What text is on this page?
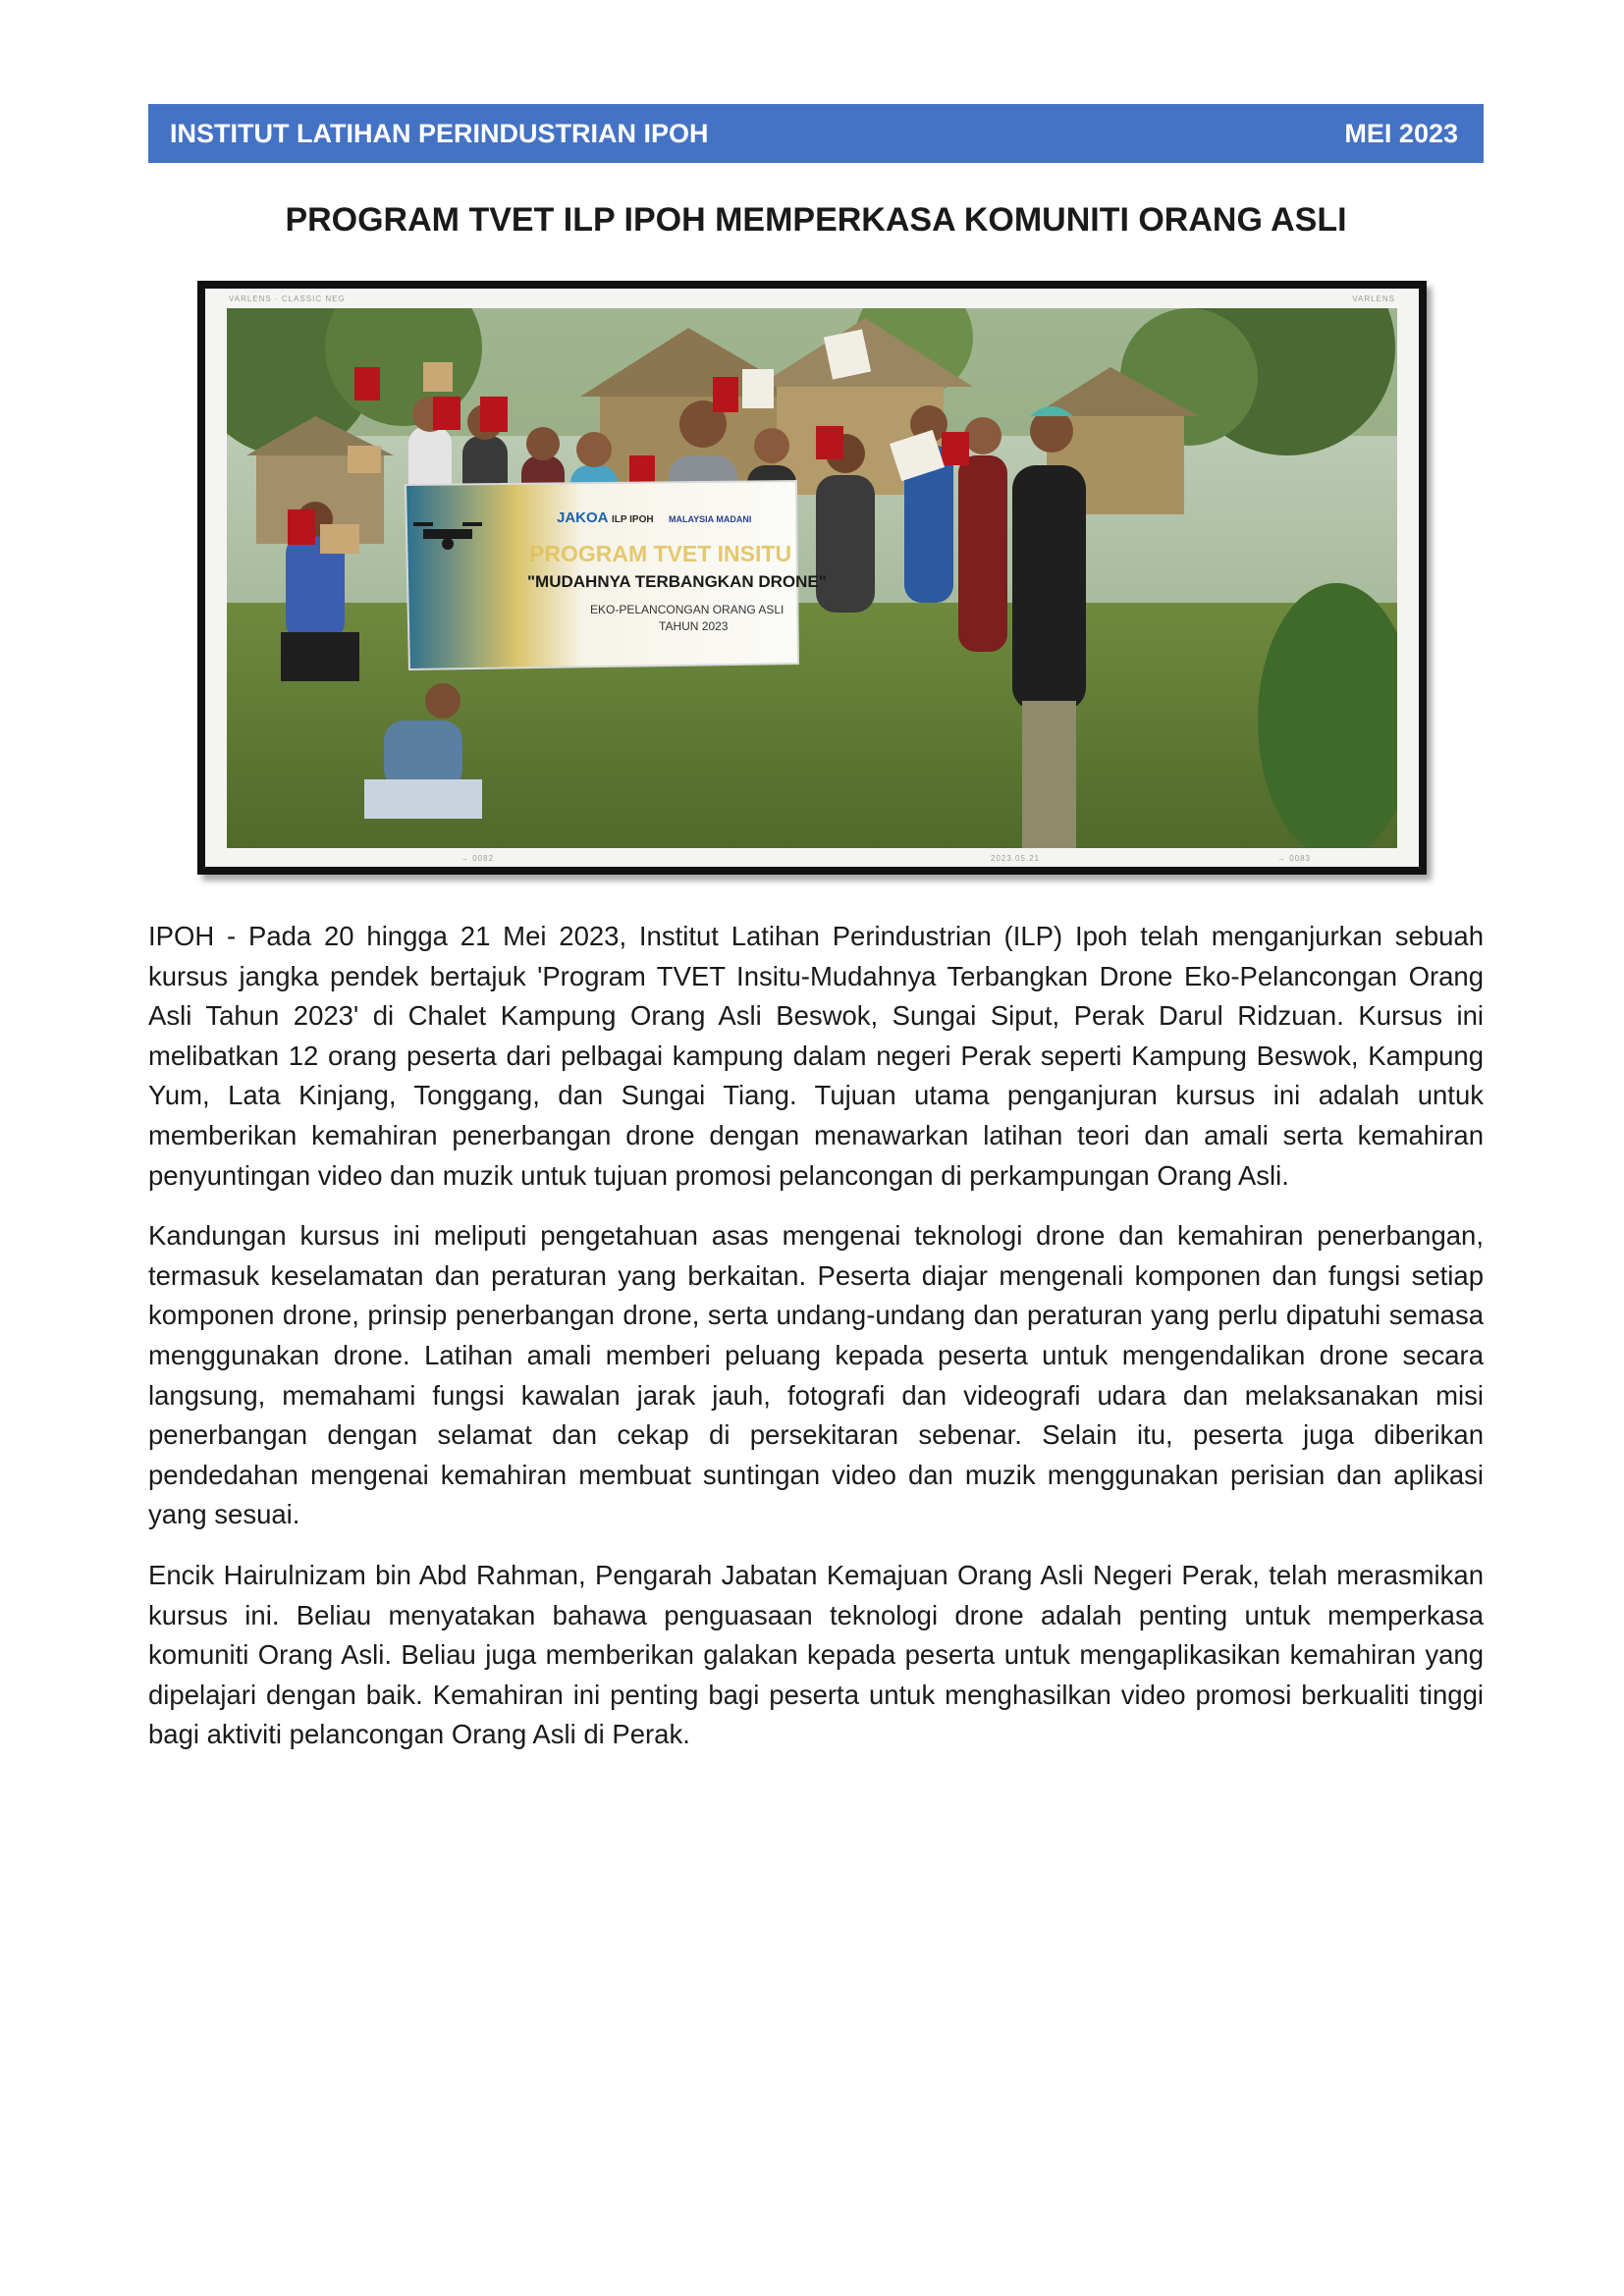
INSTITUT LATIHAN PERINDUSTRIAN IPOH	MEI 2023
PROGRAM TVET ILP IPOH MEMPERKASA KOMUNITI ORANG ASLI
VARLENS · CLASSIC NEG	VARLENS
JAKOA ILP IPOH MALAYSIA MADANI
PROGRAM TVET INSITU
"MUDAHNYA TERBANGKAN DRONE"
EKO-PELANCONGAN ORANG ASLI
TAHUN 2023
→ 0082	2023.05.21	→ 0083

IPOH - Pada 20 hingga 21 Mei 2023, Institut Latihan Perindustrian (ILP) Ipoh telah menganjurkan sebuah kursus jangka pendek bertajuk 'Program TVET Insitu-Mudahnya Terbangkan Drone Eko-Pelancongan Orang Asli Tahun 2023' di Chalet Kampung Orang Asli Beswok, Sungai Siput, Perak Darul Ridzuan. Kursus ini melibatkan 12 orang peserta dari pelbagai kampung dalam negeri Perak seperti Kampung Beswok, Kampung Yum, Lata Kinjang, Tonggang, dan Sungai Tiang. Tujuan utama penganjuran kursus ini adalah untuk memberikan kemahiran penerbangan drone dengan menawarkan latihan teori dan amali serta kemahiran penyuntingan video dan muzik untuk tujuan promosi pelancongan di perkampungan Orang Asli.

Kandungan kursus ini meliputi pengetahuan asas mengenai teknologi drone dan kemahiran penerbangan, termasuk keselamatan dan peraturan yang berkaitan. Peserta diajar mengenali komponen dan fungsi setiap komponen drone, prinsip penerbangan drone, serta undang-undang dan peraturan yang perlu dipatuhi semasa menggunakan drone. Latihan amali memberi peluang kepada peserta untuk mengendalikan drone secara langsung, memahami fungsi kawalan jarak jauh, fotografi dan videografi udara dan melaksanakan misi penerbangan dengan selamat dan cekap di persekitaran sebenar. Selain itu, peserta juga diberikan pendedahan mengenai kemahiran membuat suntingan video dan muzik menggunakan perisian dan aplikasi yang sesuai.

Encik Hairulnizam bin Abd Rahman, Pengarah Jabatan Kemajuan Orang Asli Negeri Perak, telah merasmikan kursus ini. Beliau menyatakan bahawa penguasaan teknologi drone adalah penting untuk memperkasa komuniti Orang Asli. Beliau juga memberikan galakan kepada peserta untuk mengaplikasikan kemahiran yang dipelajari dengan baik. Kemahiran ini penting bagi peserta untuk menghasilkan video promosi berkualiti tinggi bagi aktiviti pelancongan Orang Asli di Perak.
